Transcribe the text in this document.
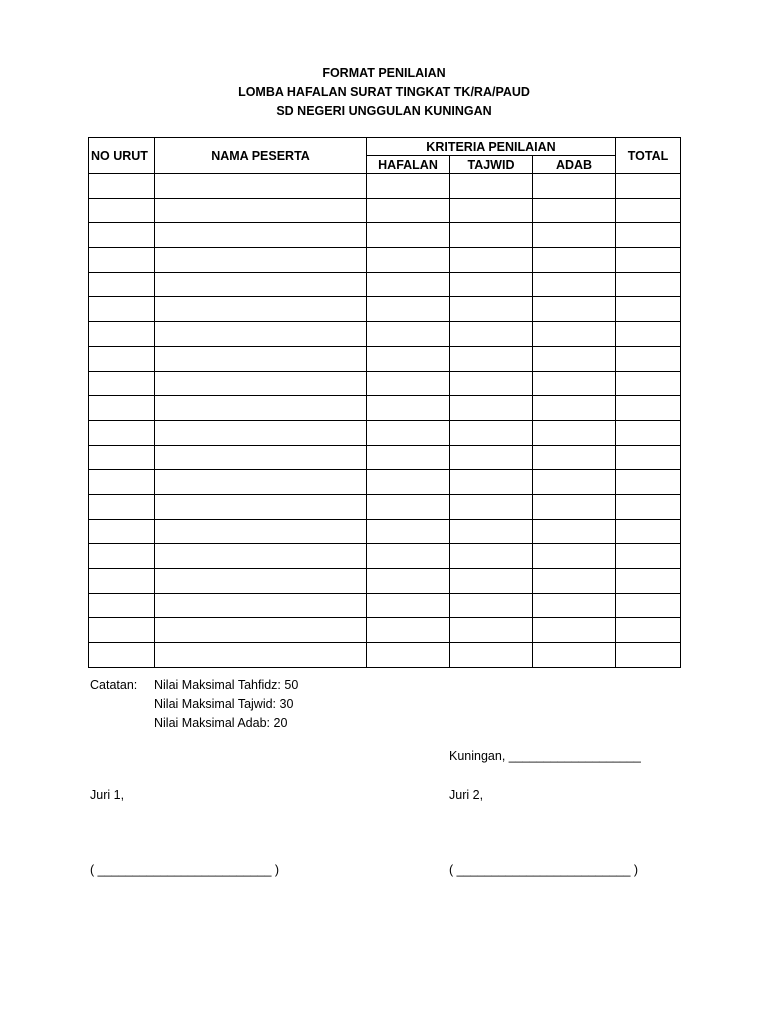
FORMAT PENILAIAN
LOMBA HAFALAN SURAT TINGKAT TK/RA/PAUD
SD NEGERI UNGGULAN KUNINGAN
NO URUT	NAMA PESERTA	KRITERIA PENILAIAN			TOTAL
		HAFALAN	TAJWID	ADAB	

Catatan:	Nilai Maksimal Tahfidz: 50
Nilai Maksimal Tajwid: 30
Nilai Maksimal Adab: 20
Kuningan, ___________________
Juri 1,	Juri 2,
( _________________________ )	( _________________________ )
